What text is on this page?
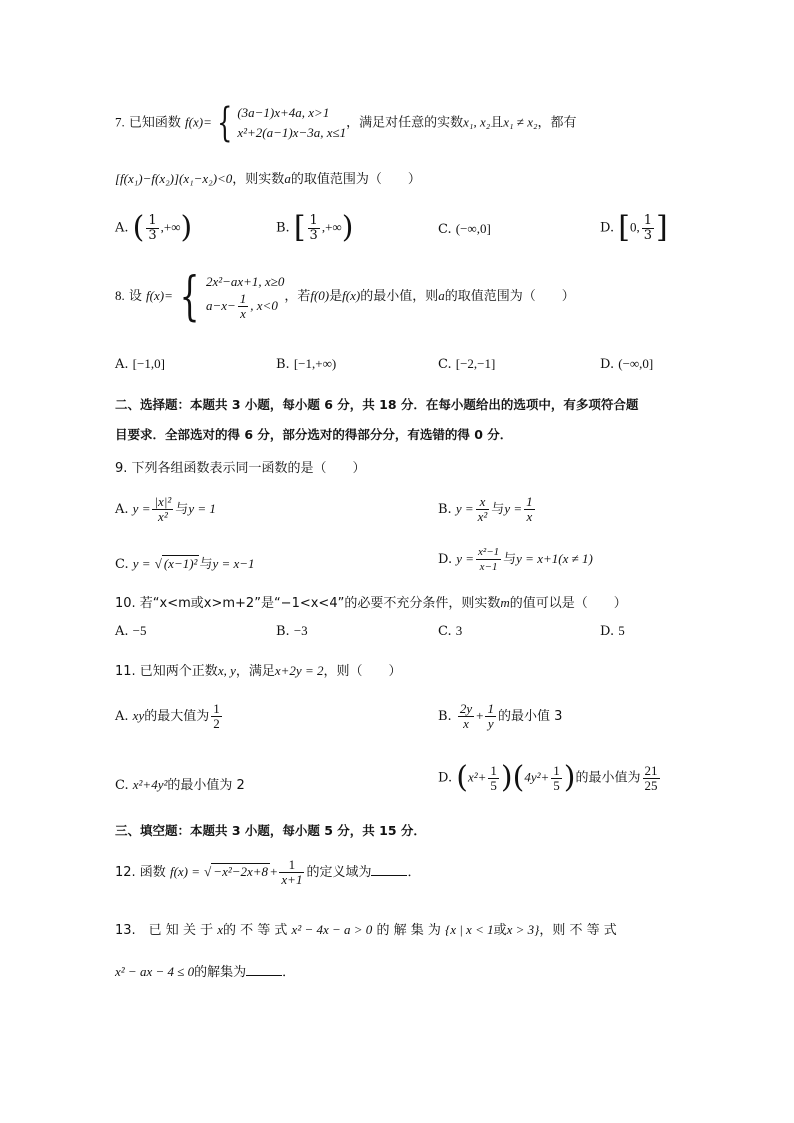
7. 已知函数 f(x)= { (3a−1)x+4a, x>1
x²+2(a−1)x−3a, x≤1
，满足对任意的实数x₁, x₂且x₁ ≠ x₂，都有
[f(x₁)−f(x₂)](x₁−x₂)<0，则实数a的取值范围为（　　）
A. ( $\frac{1}{3}$ ,+∞)	B. [ $\frac{1}{3}$ ,+∞)	C. (−∞,0]	D. [0, $\frac{1}{3}$ ]
8. 设 f(x)= { 2x²−ax+1, x≥0
$a-x- \frac{1}{x}$ , x<0
，若f(0)是f(x)的最小值，则a的取值范围为（　　）
A. [−1,0]	B. [−1,+∞)	C. [−2,−1]	D. (−∞,0]
二、选择题：本题共 3 小题，每小题 6 分，共 18 分．在每小题给出的选项中，有多项符合题
目要求．全部选对的得 6 分，部分选对的得部分分，有选错的得 0 分．
9. 下列各组函数表示同一函数的是（　　）
A. $y = \frac{\text{|x|²}}{\text{x²}}$ 与y = 1	B. $y = \frac{x}{\text{x²}}$ 与$y = \frac{1}{x}$
C. y = √ (x−1)² 与y = x−1	D. $y = \frac{\text{x²−1}}{x-1}$ 与y = x+1(x ≠ 1)
10. 若“x<m或x>m+2”是“−1<x<4”的必要不充分条件，则实数m的值可以是（　　）
A. −5	B. −3	C. 3	D. 5
11. 已知两个正数x, y，满足x+2y = 2，则（　　）
A. xy的最大值为 $\frac{1}{2}$	B. $\frac{2y}{x} + \frac{1}{y}$ 的最小值 3
C. x²+4y²的最小值为 2	D. $(x^2+ \frac{1}{5} )(4y^2+ \frac{1}{5}$ )的最小值为 $\frac{21}{25}$
三、填空题：本题共 3 小题，每小题 5 分，共 15 分．
12. 函数 f(x) = √ $-x^2-2x+8 + \frac{1}{x+1}$ 的定义域为	．
13.　已 知 关 于 x的 不 等 式 x² − 4x − a > 0 的 解 集 为 {x | x < 1或x > 3}，则 不 等 式
x² − ax − 4 ≤ 0的解集为	．
